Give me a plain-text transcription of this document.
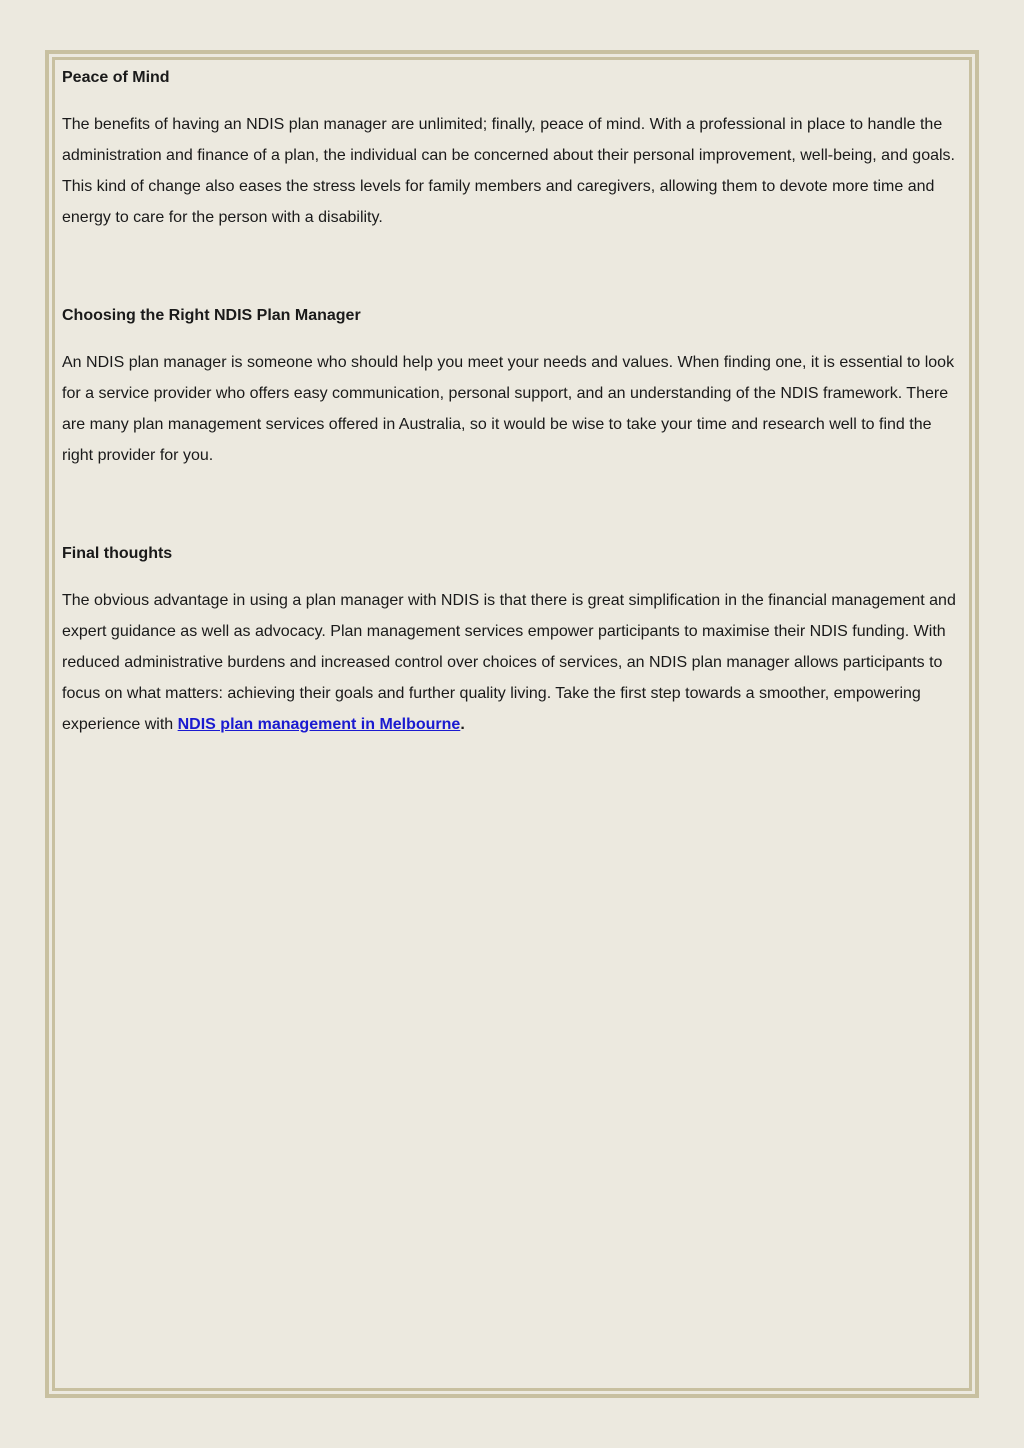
Peace of Mind

The benefits of having an NDIS plan manager are unlimited; finally, peace of mind. With a professional in place to handle the administration and finance of a plan, the individual can be concerned about their personal improvement, well-being, and goals. This kind of change also eases the stress levels for family members and caregivers, allowing them to devote more time and energy to care for the person with a disability.

Choosing the Right NDIS Plan Manager

An NDIS plan manager is someone who should help you meet your needs and values. When finding one, it is essential to look for a service provider who offers easy communication, personal support, and an understanding of the NDIS framework. There are many plan management services offered in Australia, so it would be wise to take your time and research well to find the right provider for you.

Final thoughts

The obvious advantage in using a plan manager with NDIS is that there is great simplification in the financial management and expert guidance as well as advocacy. Plan management services empower participants to maximise their NDIS funding. With reduced administrative burdens and increased control over choices of services, an NDIS plan manager allows participants to focus on what matters: achieving their goals and further quality living. Take the first step towards a smoother, empowering experience with NDIS plan management in Melbourne.
